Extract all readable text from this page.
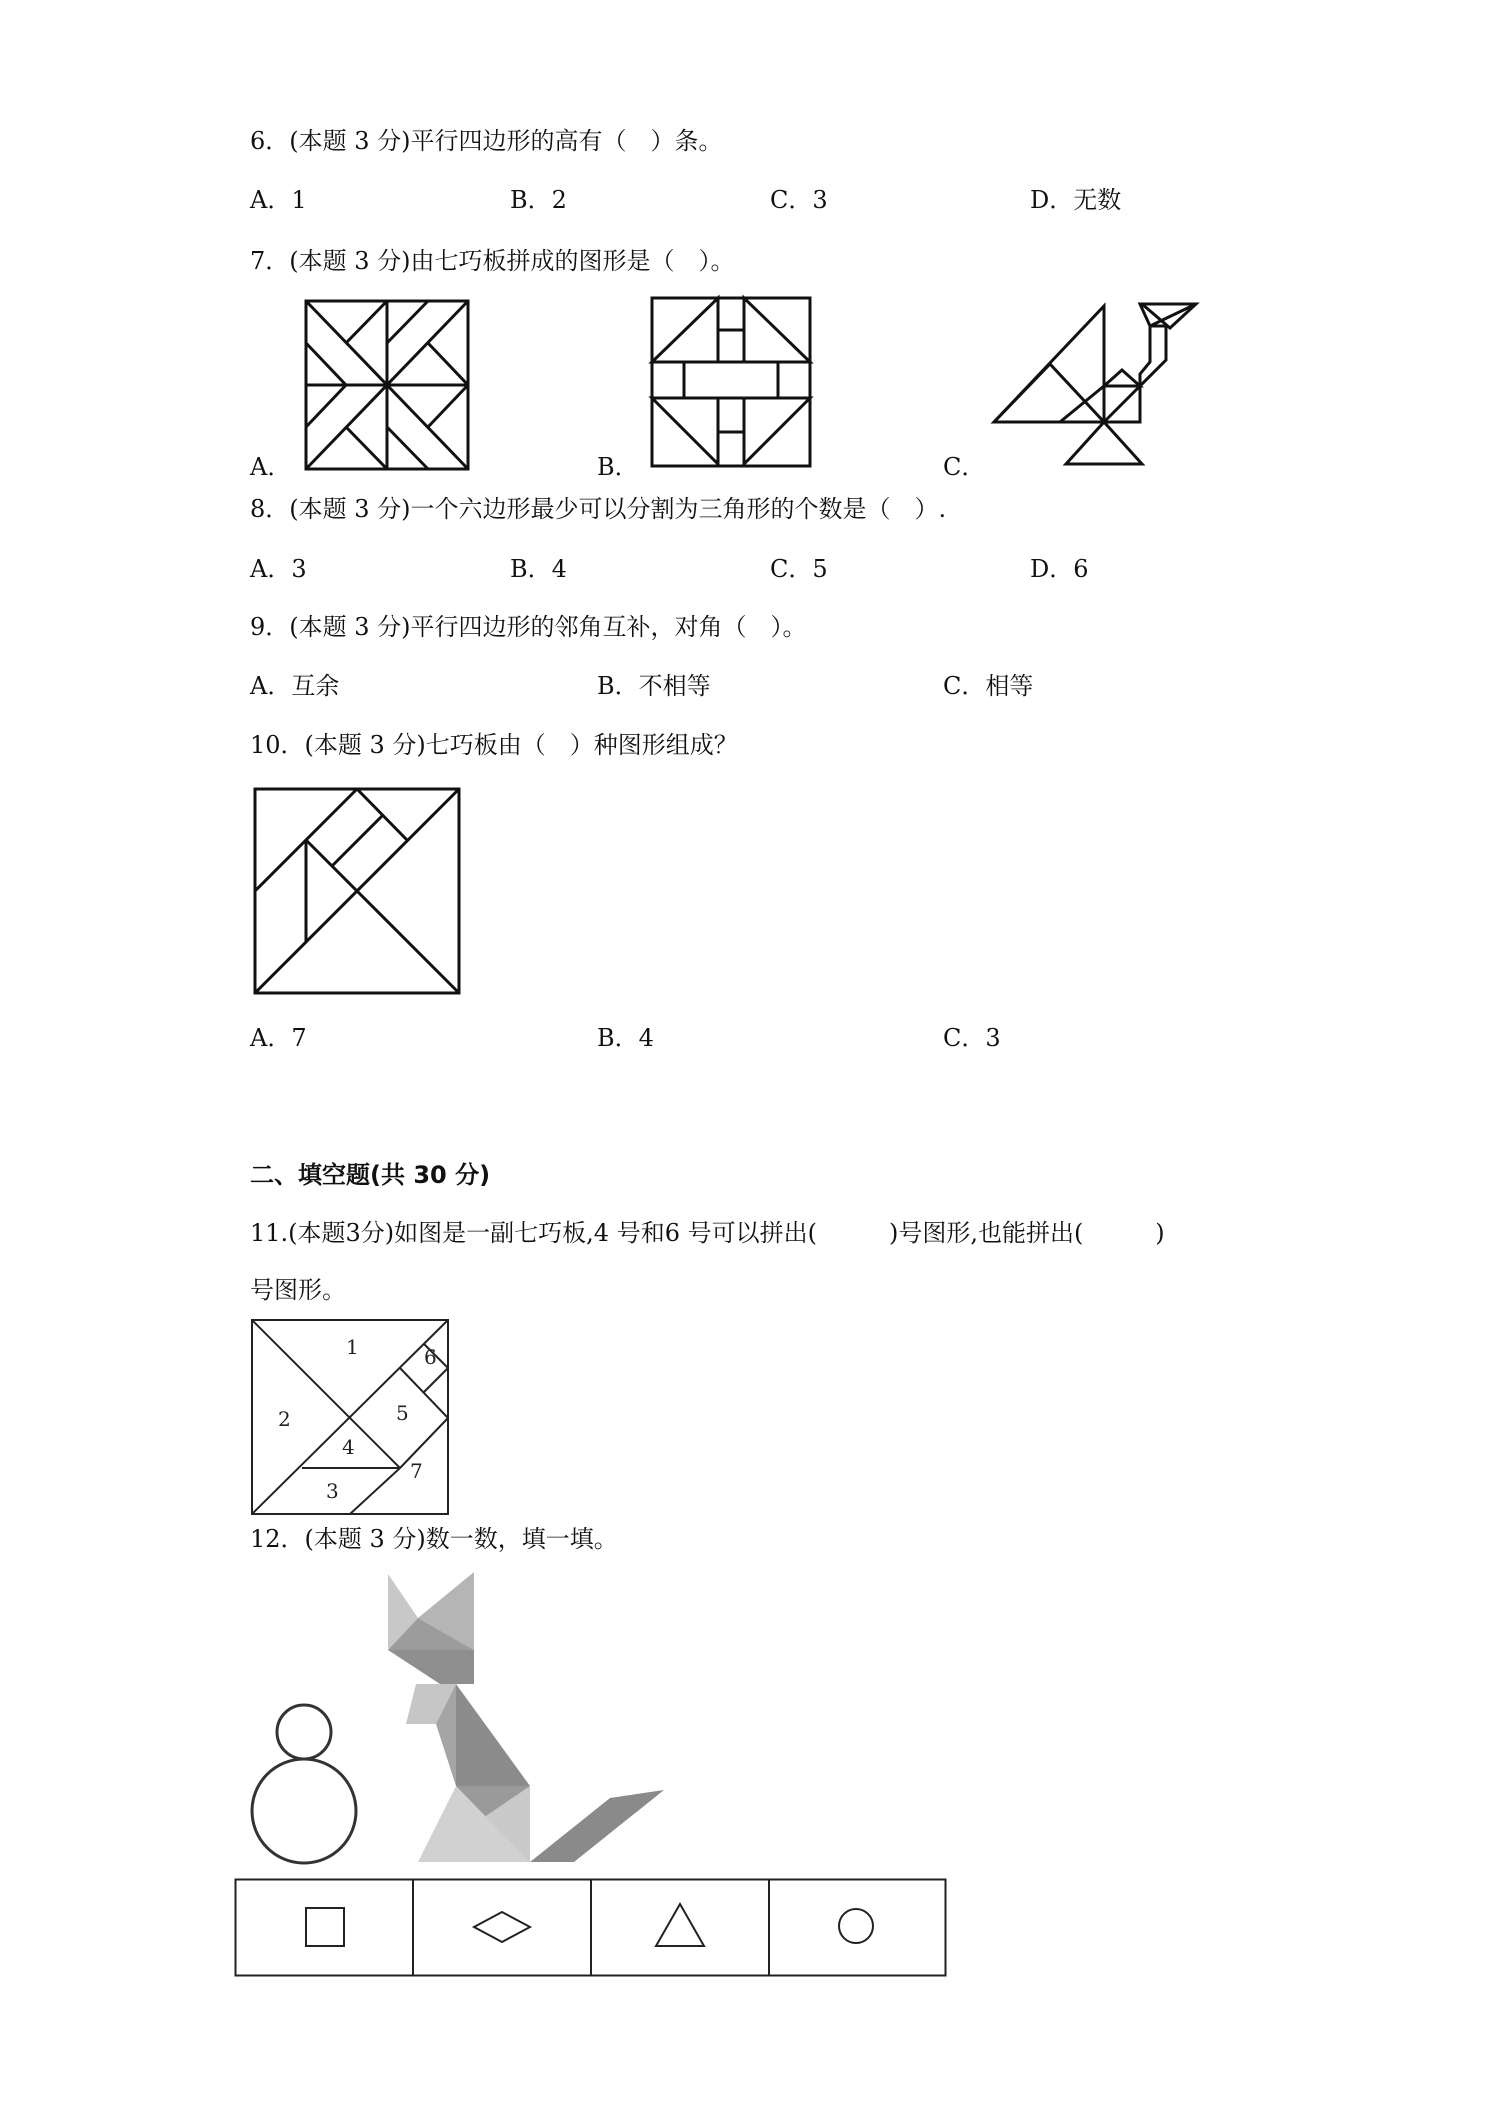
6．(本题 3 分)平行四边形的高有（　）条。
A．1	B．2	C．3	D．无数
7．(本题 3 分)由七巧板拼成的图形是（　）。
A．	B．	C．
8．(本题 3 分)一个六边形最少可以分割为三角形的个数是（　）.
A．3	B．4	C．5	D．6
9．(本题 3 分)平行四边形的邻角互补，对角（　）。
A．互余	B．不相等	C．相等
10．(本题 3 分)七巧板由（　）种图形组成？
A．7	B．4	C．3
二、填空题(共 30 分)
11.(本题3分)如图是一副七巧板,4 号和6 号可以拼出(　　　)号图形,也能拼出(　　　)
号图形。
1
2
3
4
5
6
7
12．(本题 3 分)数一数，填一填。
